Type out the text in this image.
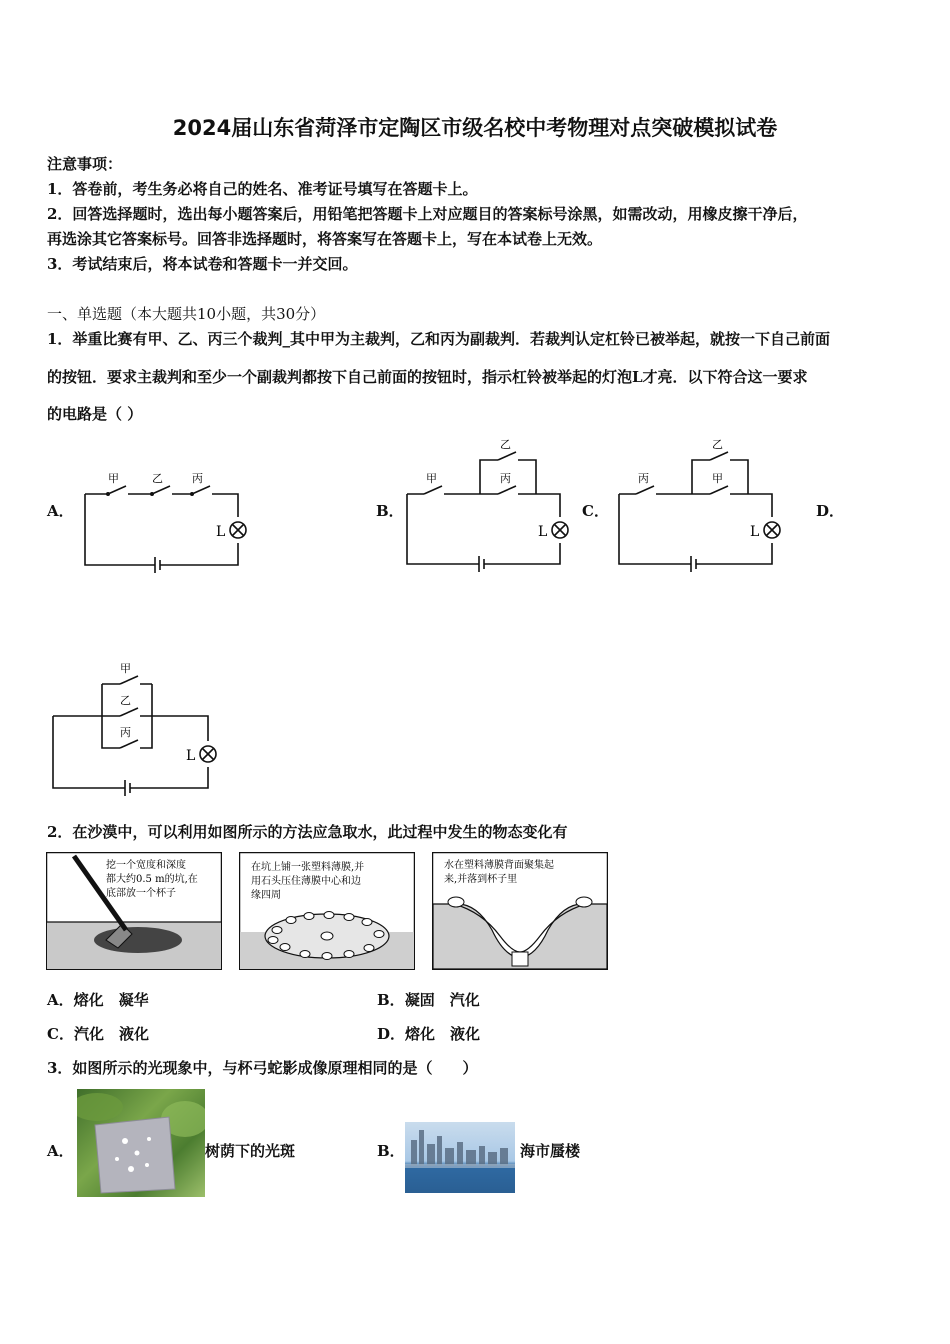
2024届山东省菏泽市定陶区市级名校中考物理对点突破模拟试卷
注意事项：
1．答卷前，考生务必将自己的姓名、准考证号填写在答题卡上。
2．回答选择题时，选出每小题答案后，用铅笔把答题卡上对应题目的答案标号涂黑，如需改动，用橡皮擦干净后，
再选涂其它答案标号。回答非选择题时，将答案写在答题卡上，写在本试卷上无效。
3．考试结束后，将本试卷和答题卡一并交回。
一、单选题（本大题共10小题，共30分）
1．举重比赛有甲、乙、丙三个裁判_其中甲为主裁判，乙和丙为副裁判．若裁判认定杠铃已被举起，就按一下自己前面
的按钮．要求主裁判和至少一个副裁判都按下自己前面的按钮时，指示杠铃被举起的灯泡L才亮．以下符合这一要求
的电路是（ ）
A．	B．	C．	D．
甲	乙	丙
L
甲
乙
丙
L
丙
乙
甲
L
甲
乙
丙
L
2．在沙漠中，可以利用如图所示的方法应急取水，此过程中发生的物态变化有
挖一个宽度和深度
都大约0.5 m的坑,在
底部放一个杯子
在坑上铺一张塑料薄膜,并
用石头压住薄膜中心和边
缘四周
水在塑料薄膜背面聚集起
来,并落到杯子里
A．熔化　凝华	B．凝固　汽化
C．汽化　液化	D．熔化　液化
3．如图所示的光现象中，与杯弓蛇影成像原理相同的是（　　）
A．	树荫下的光斑	B．	海市蜃楼
